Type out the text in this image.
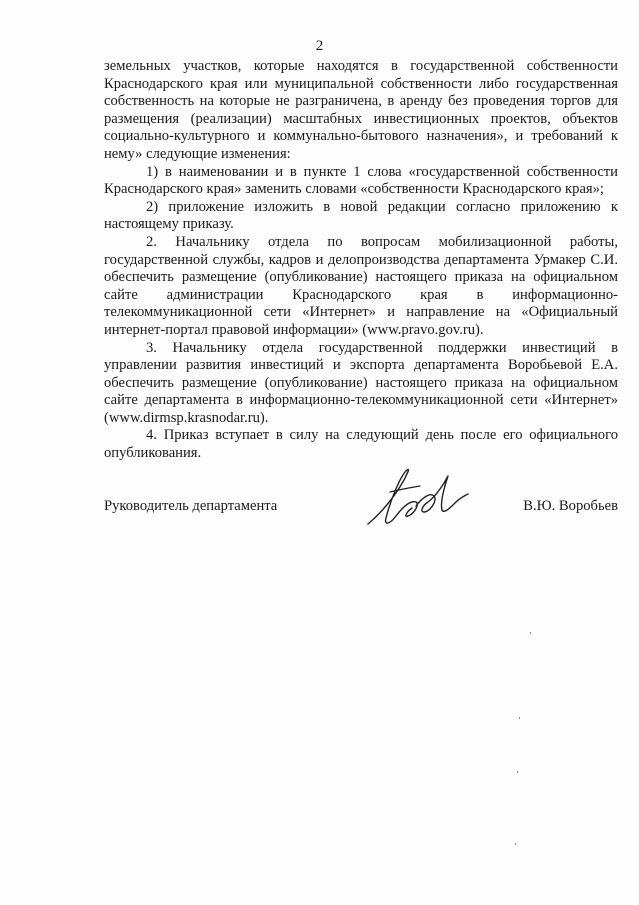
2

земельных участков, которые находятся в государственной собственности Краснодарского края или муниципальной собственности либо государственная собственность на которые не разграничена, в аренду без проведения торгов для размещения (реализации) масштабных инвестиционных проектов, объектов социально-культурного и коммунально-бытового назначения», и требований к нему» следующие изменения:

1) в наименовании и в пункте 1 слова «государственной собственности Краснодарского края» заменить словами «собственности Краснодарского края»;

2) приложение изложить в новой редакции согласно приложению к настоящему приказу.

2. Начальнику отдела по вопросам мобилизационной работы, государственной службы, кадров и делопроизводства департамента Урмакер С.И. обеспечить размещение (опубликование) настоящего приказа на официальном сайте администрации Краснодарского края в информационно-телекоммуникационной сети «Интернет» и направление на «Официальный интернет-портал правовой информации» (www.pravo.gov.ru).

3. Начальнику отдела государственной поддержки инвестиций в управлении развития инвестиций и экспорта департамента Воробьевой Е.А. обеспечить размещение (опубликование) настоящего приказа на официальном сайте департамента в информационно-телекоммуникационной сети «Интернет» (www.dirmsp.krasnodar.ru).

4. Приказ вступает в силу на следующий день после его официального опубликования.

Руководитель департамента	В.Ю. Воробьев
